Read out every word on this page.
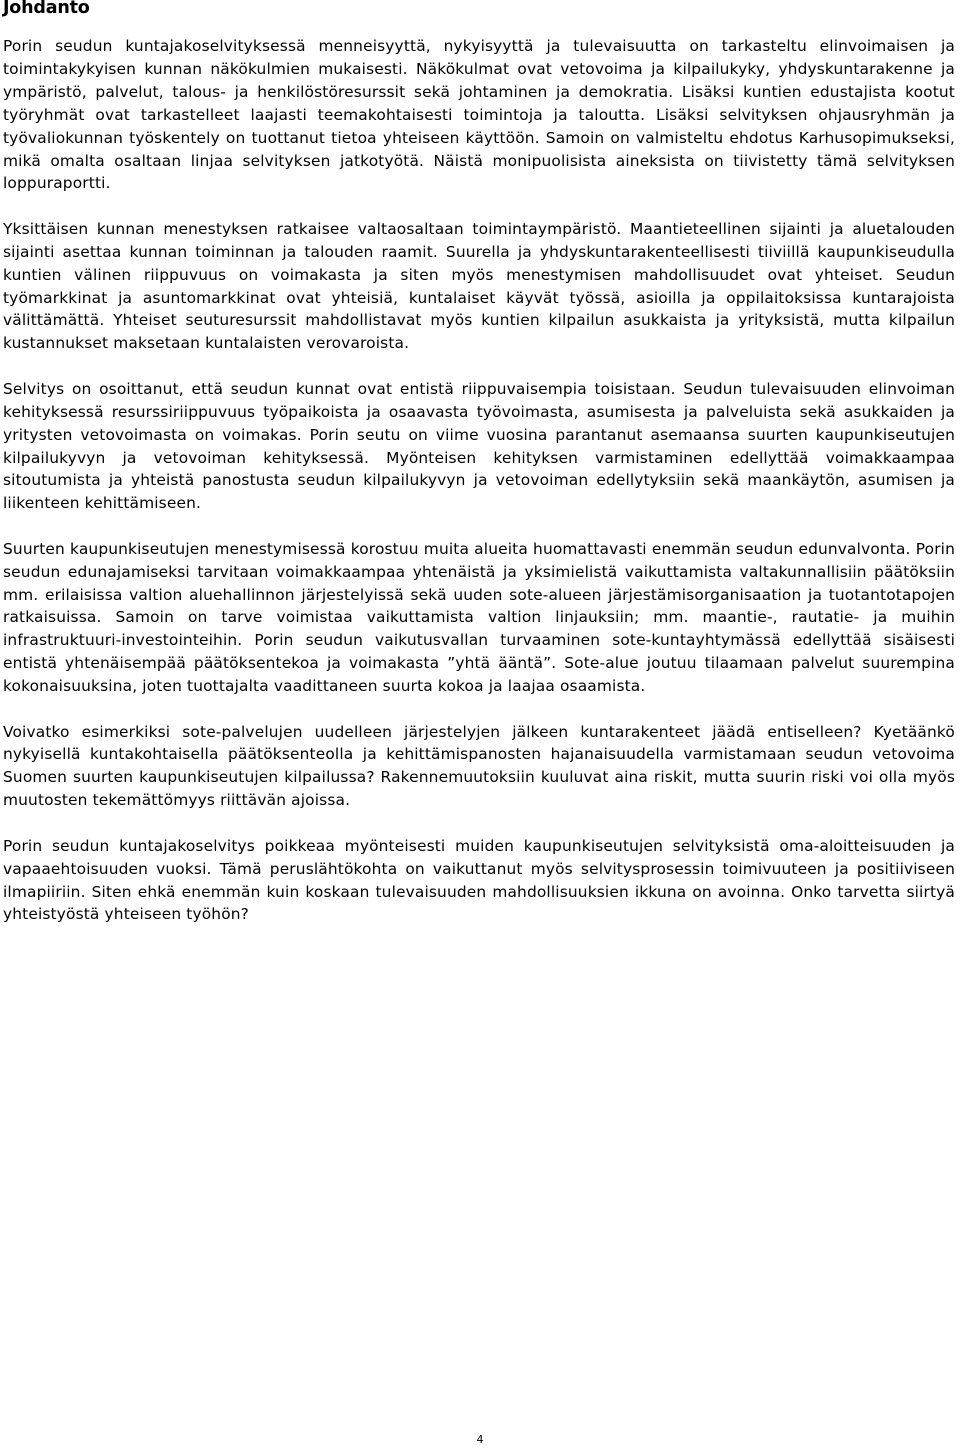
Johdanto

Porin seudun kuntajakoselvityksessä menneisyyttä, nykyisyyttä ja tulevaisuutta on tarkasteltu elinvoimaisen ja toimintakykyisen kunnan näkökulmien mukaisesti. Näkökulmat ovat vetovoima ja kilpailukyky, yhdyskuntarakenne ja ympäristö, palvelut, talous- ja henkilöstöresurssit sekä johtaminen ja demokratia. Lisäksi kuntien edustajista kootut työryhmät ovat tarkastelleet laajasti teemakohtaisesti toimintoja ja taloutta. Lisäksi selvityksen ohjausryhmän ja työvaliokunnan työskentely on tuottanut tietoa yhteiseen käyttöön. Samoin on valmisteltu ehdotus Karhusopimukseksi, mikä omalta osaltaan linjaa selvityksen jatkotyötä. Näistä monipuolisista aineksista on tiivistetty tämä selvityksen loppuraportti.

Yksittäisen kunnan menestyksen ratkaisee valtaosaltaan toimintaympäristö. Maantieteellinen sijainti ja aluetalouden sijainti asettaa kunnan toiminnan ja talouden raamit. Suurella ja yhdyskuntarakenteellisesti tiiviillä kaupunkiseudulla kuntien välinen riippuvuus on voimakasta ja siten myös menestymisen mahdollisuudet ovat yhteiset. Seudun työmarkkinat ja asuntomarkkinat ovat yhteisiä, kuntalaiset käyvät työssä, asioilla ja oppilaitoksissa kuntarajoista välittämättä. Yhteiset seuturesurssit mahdollistavat myös kuntien kilpailun asukkaista ja yrityksistä, mutta kilpailun kustannukset maksetaan kuntalaisten verovaroista.

Selvitys on osoittanut, että seudun kunnat ovat entistä riippuvaisempia toisistaan. Seudun tulevaisuuden elinvoiman kehityksessä resurssiriippuvuus työpaikoista ja osaavasta työvoimasta, asumisesta ja palveluista sekä asukkaiden ja yritysten vetovoimasta on voimakas. Porin seutu on viime vuosina parantanut asemaansa suurten kaupunkiseutujen kilpailukyvyn ja vetovoiman kehityksessä. Myönteisen kehityksen varmistaminen edellyttää voimakkaampaa sitoutumista ja yhteistä panostusta seudun kilpailukyvyn ja vetovoiman edellytyksiin sekä maankäytön, asumisen ja liikenteen kehittämiseen.

Suurten kaupunkiseutujen menestymisessä korostuu muita alueita huomattavasti enemmän seudun edunvalvonta. Porin seudun edunajamiseksi tarvitaan voimakkaampaa yhtenäistä ja yksimielistä vaikuttamista valtakunnallisiin päätöksiin mm. erilaisissa valtion aluehallinnon järjestelyissä sekä uuden sote-alueen järjestämisorganisaation ja tuotantotapojen ratkaisuissa. Samoin on tarve voimistaa vaikuttamista valtion linjauksiin; mm. maantie-, rautatie- ja muihin infrastruktuuri-investointeihin. Porin seudun vaikutusvallan turvaaminen sote-kuntayhtymässä edellyttää sisäisesti entistä yhtenäisempää päätöksentekoa ja voimakasta ”yhtä ääntä”. Sote-alue joutuu tilaamaan palvelut suurempina kokonaisuuksina, joten tuottajalta vaadittaneen suurta kokoa ja laajaa osaamista.

Voivatko esimerkiksi sote-palvelujen uudelleen järjestelyjen jälkeen kuntarakenteet jäädä entiselleen? Kyetäänkö nykyisellä kuntakohtaisella päätöksenteolla ja kehittämispanosten hajanaisuudella varmistamaan seudun vetovoima Suomen suurten kaupunkiseutujen kilpailussa? Rakennemuutoksiin kuuluvat aina riskit, mutta suurin riski voi olla myös muutosten tekemättömyys riittävän ajoissa.

Porin seudun kuntajakoselvitys poikkeaa myönteisesti muiden kaupunkiseutujen selvityksistä oma-aloitteisuuden ja vapaaehtoisuuden vuoksi. Tämä peruslähtökohta on vaikuttanut myös selvitysprosessin toimivuuteen ja positiiviseen ilmapiiriin. Siten ehkä enemmän kuin koskaan tulevaisuuden mahdollisuuksien ikkuna on avoinna. Onko tarvetta siirtyä yhteistyöstä yhteiseen työhön?

4
